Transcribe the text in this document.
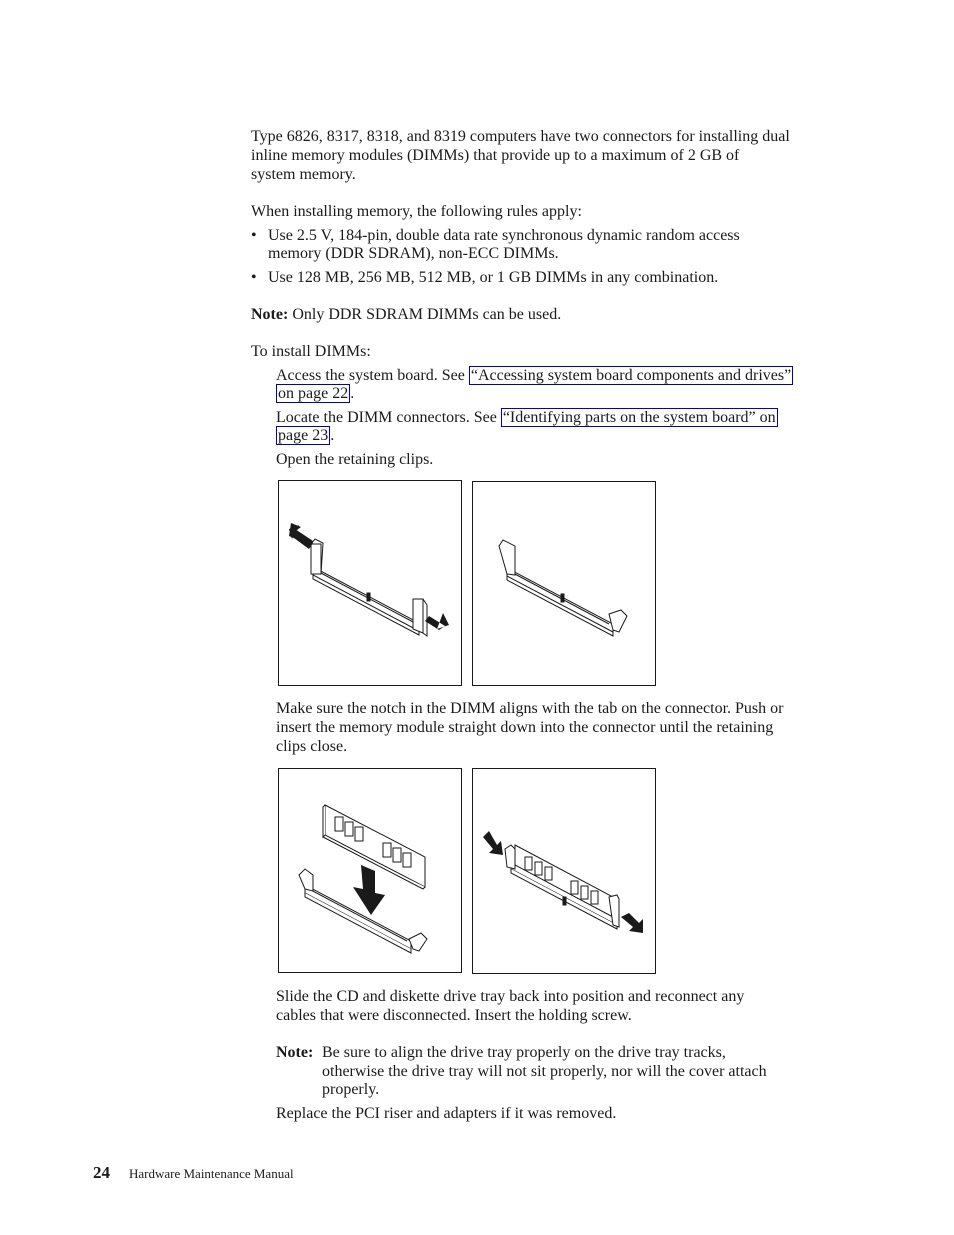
Type 6826, 8317, 8318, and 8319 computers have two connectors for installing dual

inline memory modules (DIMMs) that provide up to a maximum of 2 GB of

system memory.

When installing memory, the following rules apply:

• Use 2.5 V, 184-pin, double data rate synchronous dynamic random access

memory (DDR SDRAM), non-ECC DIMMs.

• Use 128 MB, 256 MB, 512 MB, or 1 GB DIMMs in any combination.

Note: Only DDR SDRAM DIMMs can be used.

To install DIMMs:

Access the system board. See “Accessing system board components and drives”

on page 22 .

Locate the DIMM connectors. See “Identifying parts on the system board” on

page 23 .

Open the retaining clips.

Make sure the notch in the DIMM aligns with the tab on the connector. Push or

insert the memory module straight down into the connector until the retaining

clips close.

Slide the CD and diskette drive tray back into position and reconnect any

cables that were disconnected. Insert the holding screw.

Note: Be sure to align the drive tray properly on the drive tray tracks,

otherwise the drive tray will not sit properly, nor will the cover attach

properly.

Replace the PCI riser and adapters if it was removed.

24 Hardware Maintenance Manual
